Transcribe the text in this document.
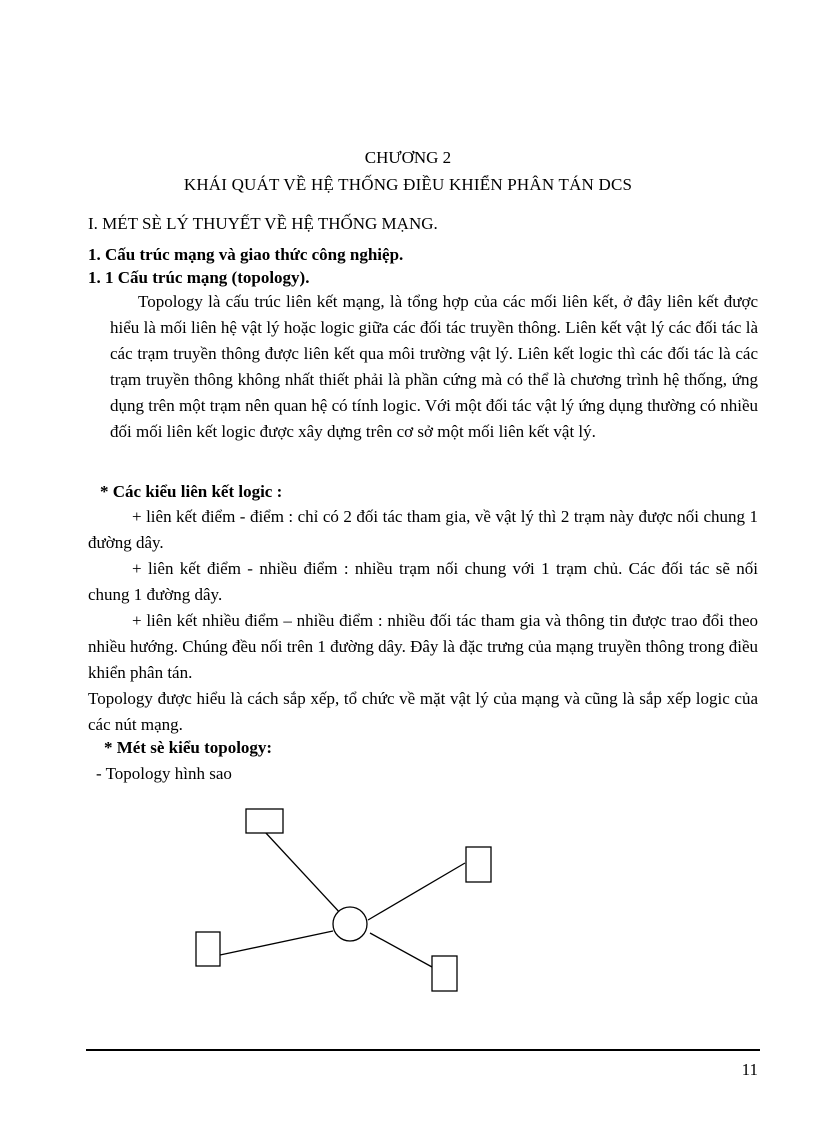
CHƯƠNG 2
KHÁI QUÁT VỀ HỆ THỐNG ĐIỀU KHIỂN PHÂN TÁN DCS
I. MÉT SÈ LÝ THUYẾT VỀ HỆ THỐNG MẠNG.
1. Cấu trúc mạng và giao thức công nghiệp.
1. 1 Cấu trúc mạng (topology).
Topology là cấu trúc liên kết mạng, là tổng hợp của các mối liên kết, ở đây liên kết được hiểu là mối liên hệ vật lý hoặc logic giữa các đối tác truyền thông. Liên kết vật lý các đối tác là các trạm truyền thông được liên kết qua môi trường vật lý. Liên kết logic thì các đối tác là các trạm truyền thông không nhất thiết phải là phần cứng mà có thể là chương trình hệ thống, ứng dụng trên một trạm nên quan hệ có tính logic. Với một đối tác vật lý ứng dụng thường có nhiều đối mối liên kết logic được xây dựng trên cơ sở một mối liên kết vật lý.
* Các kiểu liên kết logic :
+ liên kết điểm - điểm : chỉ có 2 đối tác tham gia, về vật lý thì 2 trạm này được nối chung 1 đường dây.
+ liên kết điểm - nhiều điểm : nhiều trạm nối chung với 1 trạm chủ. Các đối tác sẽ nối chung 1 đường dây.
+ liên kết nhiều điểm – nhiều điểm : nhiều đối tác tham gia và thông tin được trao đổi theo nhiều hướng. Chúng đều nối trên 1 đường dây. Đây là đặc trưng của mạng truyền thông trong điều khiển phân tán.
Topology được hiểu là cách sắp xếp, tổ chức về mặt vật lý của mạng và cũng là sắp xếp logic của các nút mạng.
* Mét sè kiểu topology:
- Topology hình sao
11
